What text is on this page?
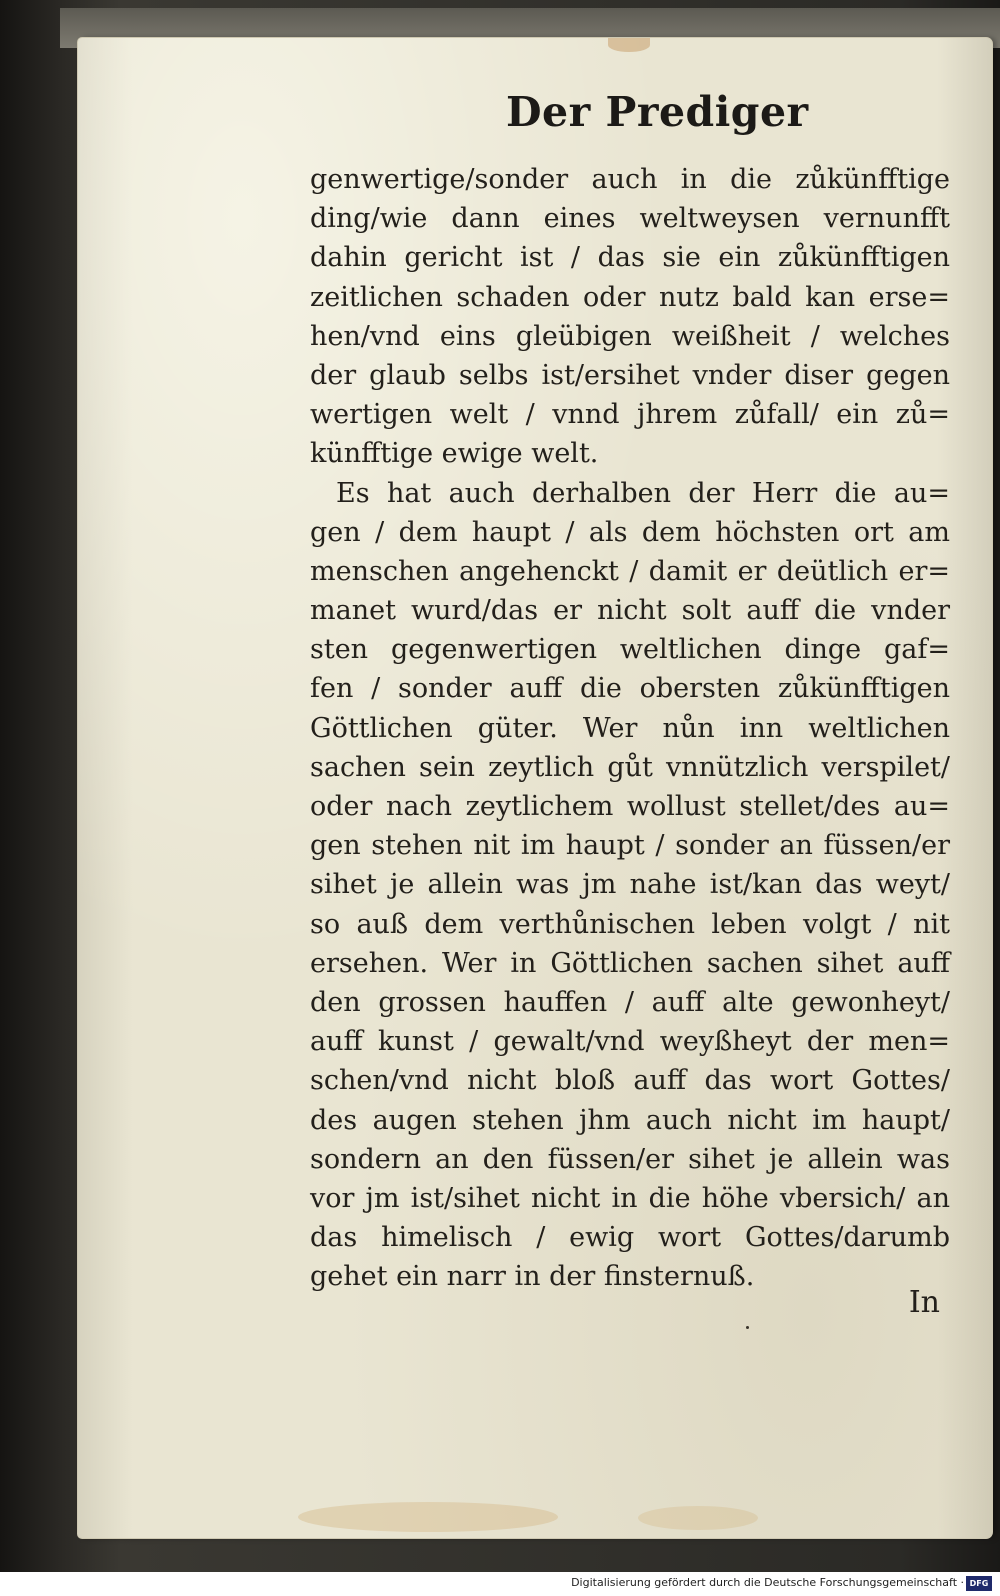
Der Prediger
genwertige/sonder auch in die zůkünfftige
ding/wie dann eines weltweysen vernunfft
dahin gericht ist / das sie ein zůkünfftigen
zeitlichen schaden oder nutz bald kan erse=
hen/vnd eins gleübigen weißheit / welches
der glaub selbs ist/ersihet vnder diser gegen
wertigen welt / vnnd jhrem zůfall/ ein zů=
künfftige ewige welt.
Es hat auch derhalben der Herr die au=
gen / dem haupt / als dem höchsten ort am
menschen angehenckt / damit er deütlich er=
manet wurd/das er nicht solt auff die vnder
sten gegenwertigen weltlichen dinge gaf=
fen / sonder auff die obersten zůkünfftigen
Göttlichen güter. Wer nůn inn weltlichen
sachen sein zeytlich gůt vnnützlich verspilet/
oder nach zeytlichem wollust stellet/des au=
gen stehen nit im haupt / sonder an füssen/er
sihet je allein was jm nahe ist/kan das weyt/
so auß dem verthůnischen leben volgt / nit
ersehen. Wer in Göttlichen sachen sihet auff
den grossen hauffen / auff alte gewonheyt/
auff kunst / gewalt/vnd weyßheyt der men=
schen/vnd nicht bloß auff das wort Gottes/
des augen stehen jhm auch nicht im haupt/
sondern an den füssen/er sihet je allein was
vor jm ist/sihet nicht in die höhe vbersich/ an
das himelisch / ewig wort Gottes/darumb
gehet ein narr in der finsternuß.
In
Digitalisierung gefördert durch die Deutsche Forschungsgemeinschaft · DFG
